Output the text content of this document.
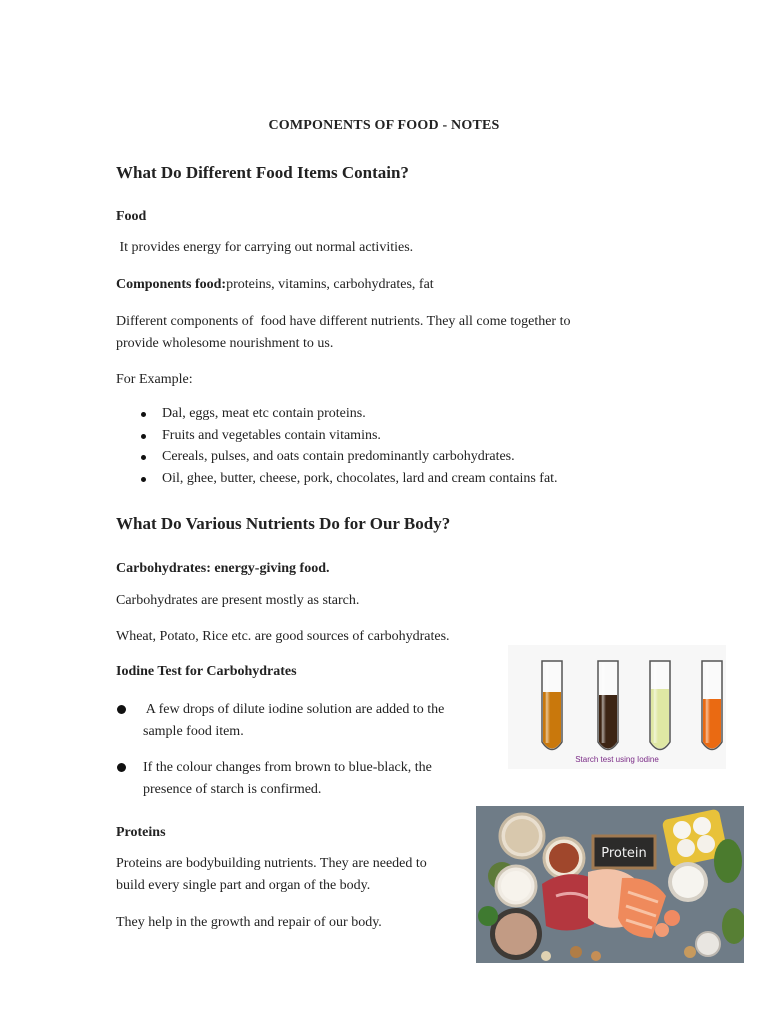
COMPONENTS OF FOOD - NOTES
What Do Different Food Items Contain?
Food
It provides energy for carrying out normal activities.
Components food:proteins, vitamins, carbohydrates, fat
Different components of  food have different nutrients. They all come together to
provide wholesome nourishment to us.
For Example:
Dal, eggs, meat etc contain proteins.
Fruits and vegetables contain vitamins.
Cereals, pulses, and oats contain predominantly carbohydrates.
Oil, ghee, butter, cheese, pork, chocolates, lard and cream contains fat.
What Do Various Nutrients Do for Our Body?
Carbohydrates: energy-giving food.
Carbohydrates are present mostly as starch.
Wheat, Potato, Rice etc. are good sources of carbohydrates.
Iodine Test for Carbohydrates
A few drops of dilute iodine solution are added to the
sample food item.
If the colour changes from brown to blue-black, the
presence of starch is confirmed.
Starch test using Iodine
Proteins
Proteins are bodybuilding nutrients. They are needed to
build every single part and organ of the body.
They help in the growth and repair of our body.
Protein
